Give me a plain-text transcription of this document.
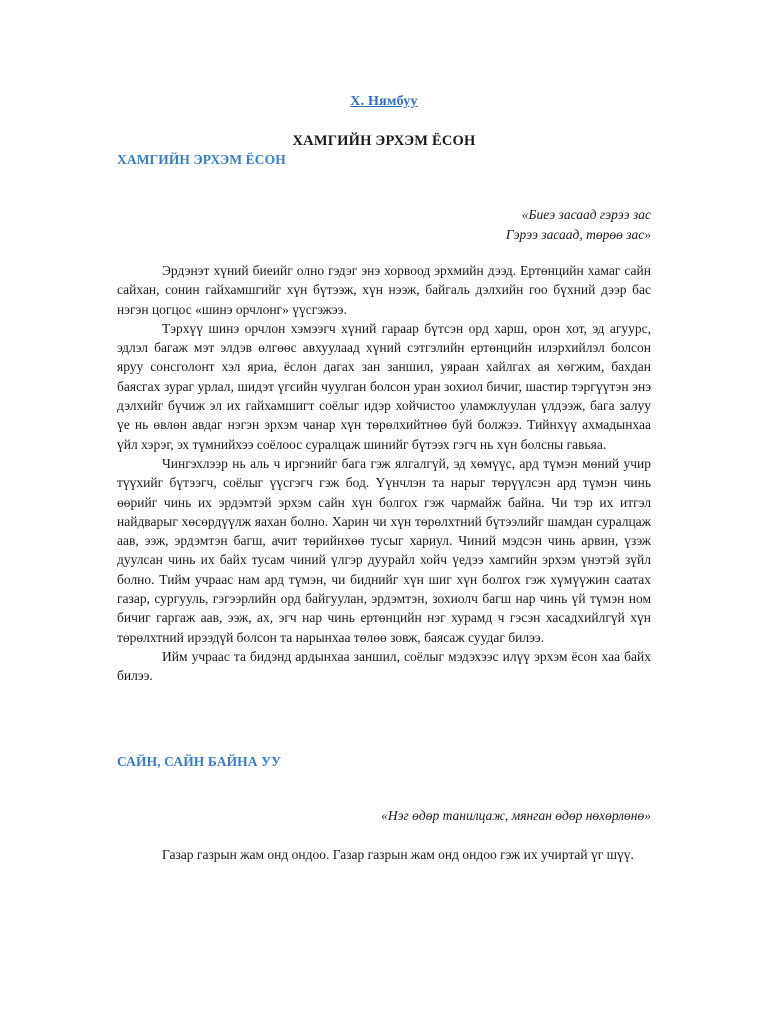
Х. Нямбуу
ХАМГИЙН ЭРХЭМ ЁСОН
ХАМГИЙН ЭРХЭМ ЁСОН
«Биеэ засаад гэрээ зас
Гэрээ засаад, төрөө зас»

Эрдэнэт хүний биеийг олно гэдэг энэ хорвоод эрхмийн дээд. Ертөнцийн хамаг сайн сайхан, сонин гайхамшгийг хүн бүтээж, хүн нээж, байгаль дэлхийн гоо бүхний дээр бас нэгэн цогцос «шинэ орчлонг» үүсгэжээ.

Тэрхүү шинэ орчлон хэмээгч хүний гараар бүтсэн орд харш, орон хот, эд агуурс, эдлэл багаж мэт элдэв өлгөөс авхуулаад хүний сэтгэлийн ертөнцийн илэрхийлэл болсон яруу сонсголонт хэл яриа, ёслон дагах зан заншил, уяраан хайлгах ая хөгжим, бахдан баясгах зураг урлал, шидэт үгсийн чуулган болсон уран зохиол бичиг, шастир тэргүүтэн энэ дэлхийг бүчиж эл их гайхамшигт соёлыг идэр хойчистоо уламжлуулан үлдээж, бага залуу үе нь өвлөн авдаг нэгэн эрхэм чанар хүн төрөлхийтнөө буй болжээ. Тийнхүү ахмадынхаа үйл хэрэг, эх түмнийхээ соёлоос суралцаж шинийг бүтээх гэгч нь хүн болсны гавьяа.

Чингэхлээр нь аль ч иргэнийг бага гэж ялгалгүй, эд хөмүүс, ард түмэн мөний учир түүхийг бүтээгч, соёлыг үүсгэгч гэж бод. Үүнчлэн та нарыг төрүүлсэн ард түмэн чинь өөрийг чинь их эрдэмтэй эрхэм сайн хүн болгох гэж чармайж байна. Чи тэр их итгэл найдварыг хөсөрдүүлж яахан болно. Харин чи хүн төрөлхтний бүтээлийг шамдан суралцаж аав, ээж, эрдэмтэн багш, ачит төрийнхөө тусыг хариул. Чиний мэдсэн чинь арвин, үзэж дуулсан чинь их байх тусам чиний үлгэр дуурайл хойч үедээ хамгийн эрхэм үнэтэй зүйл болно. Тийм учраас нам ард түмэн, чи биднийг хүн шиг хүн болгох гэж хүмүүжин саатах газар, сургууль, гэгээрлийн орд байгуулан, эрдэмтэн, зохиолч багш нар чинь үй түмэн ном бичиг гаргаж аав, ээж, ах, эгч нар чинь ертөнцийн нэг хурамд ч гэсэн хасадхийлгүй хүн төрөлхтний ирээдүй болсон та нарынхаа төлөө зовж, баясаж суудаг билээ.

Ийм учраас та бидэнд ардынхаа заншил, соёлыг мэдэхээс илүү эрхэм ёсон хаа байх билээ.

САЙН, САЙН БАЙНА УУ
«Нэг өдөр танилцаж, мянган өдөр нөхөрлөнө»

Газар газрын жам онд ондоо. Газар газрын жам онд ондоо гэж их учиртай үг шүү.
